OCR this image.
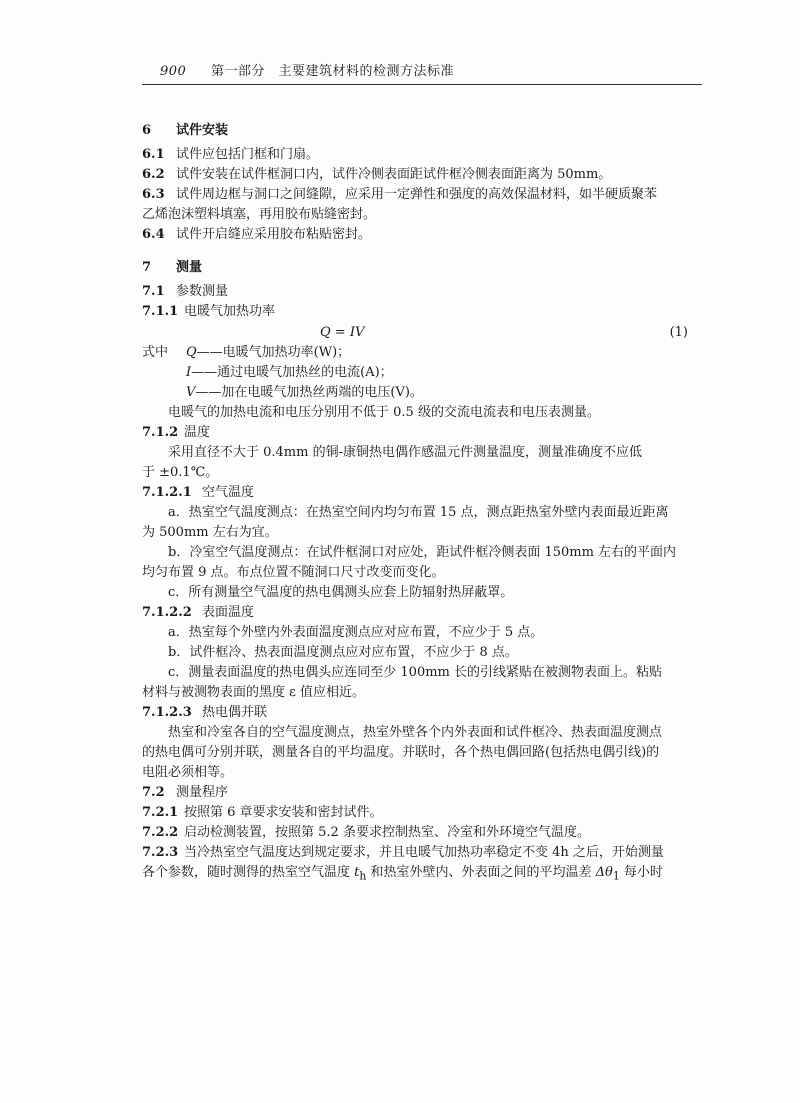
900 第一部分　主要建筑材料的检测方法标准

6 试件安装

6.1 试件应包括门框和门扇。

6.2 试件安装在试件框洞口内，试件冷侧表面距试件框冷侧表面距离为 50mm。

6.3 试件周边框与洞口之间缝隙，应采用一定弹性和强度的高效保温材料，如半硬质聚苯

乙烯泡沫塑料填塞，再用胶布贴缝密封。

6.4 试件开启缝应采用胶布粘贴密封。

7 测量

7.1 参数测量

7.1.1 电暖气加热功率

Q = IV	(1)

式中 Q——电暖气加热功率(W)；

I——通过电暖气加热丝的电流(A)；

V——加在电暖气加热丝两端的电压(V)。

电暖气的加热电流和电压分别用不低于 0.5 级的交流电流表和电压表测量。

7.1.2 温度

采用直径不大于 0.4mm 的铜-康铜热电偶作感温元件测量温度，测量准确度不应低

于 ±0.1℃。

7.1.2.1 空气温度

a．热室空气温度测点：在热室空间内均匀布置 15 点，测点距热室外壁内表面最近距离

为 500mm 左右为宜。

b．冷室空气温度测点：在试件框洞口对应处，距试件框冷侧表面 150mm 左右的平面内

均匀布置 9 点。布点位置不随洞口尺寸改变而变化。

c．所有测量空气温度的热电偶测头应套上防辐射热屏蔽罩。

7.1.2.2 表面温度

a．热室每个外壁内外表面温度测点应对应布置，不应少于 5 点。

b．试件框冷、热表面温度测点应对应布置，不应少于 8 点。

c．测量表面温度的热电偶头应连同至少 100mm 长的引线紧贴在被测物表面上。粘贴

材料与被测物表面的黑度 ε 值应相近。

7.1.2.3 热电偶并联

热室和冷室各自的空气温度测点，热室外壁各个内外表面和试件框冷、热表面温度测点

的热电偶可分别并联，测量各自的平均温度。并联时，各个热电偶回路(包括热电偶引线)的

电阻必须相等。

7.2 测量程序

7.2.1 按照第 6 章要求安装和密封试件。

7.2.2 启动检测装置，按照第 5.2 条要求控制热室、冷室和外环境空气温度。

7.2.3 当冷热室空气温度达到规定要求，并且电暖气加热功率稳定不变 4h 之后，开始测量

各个参数，随时测得的热室空气温度 $t_h$ 和热室外壁内、外表面之间的平均温差 $\Delta\theta_1$ 每小时
